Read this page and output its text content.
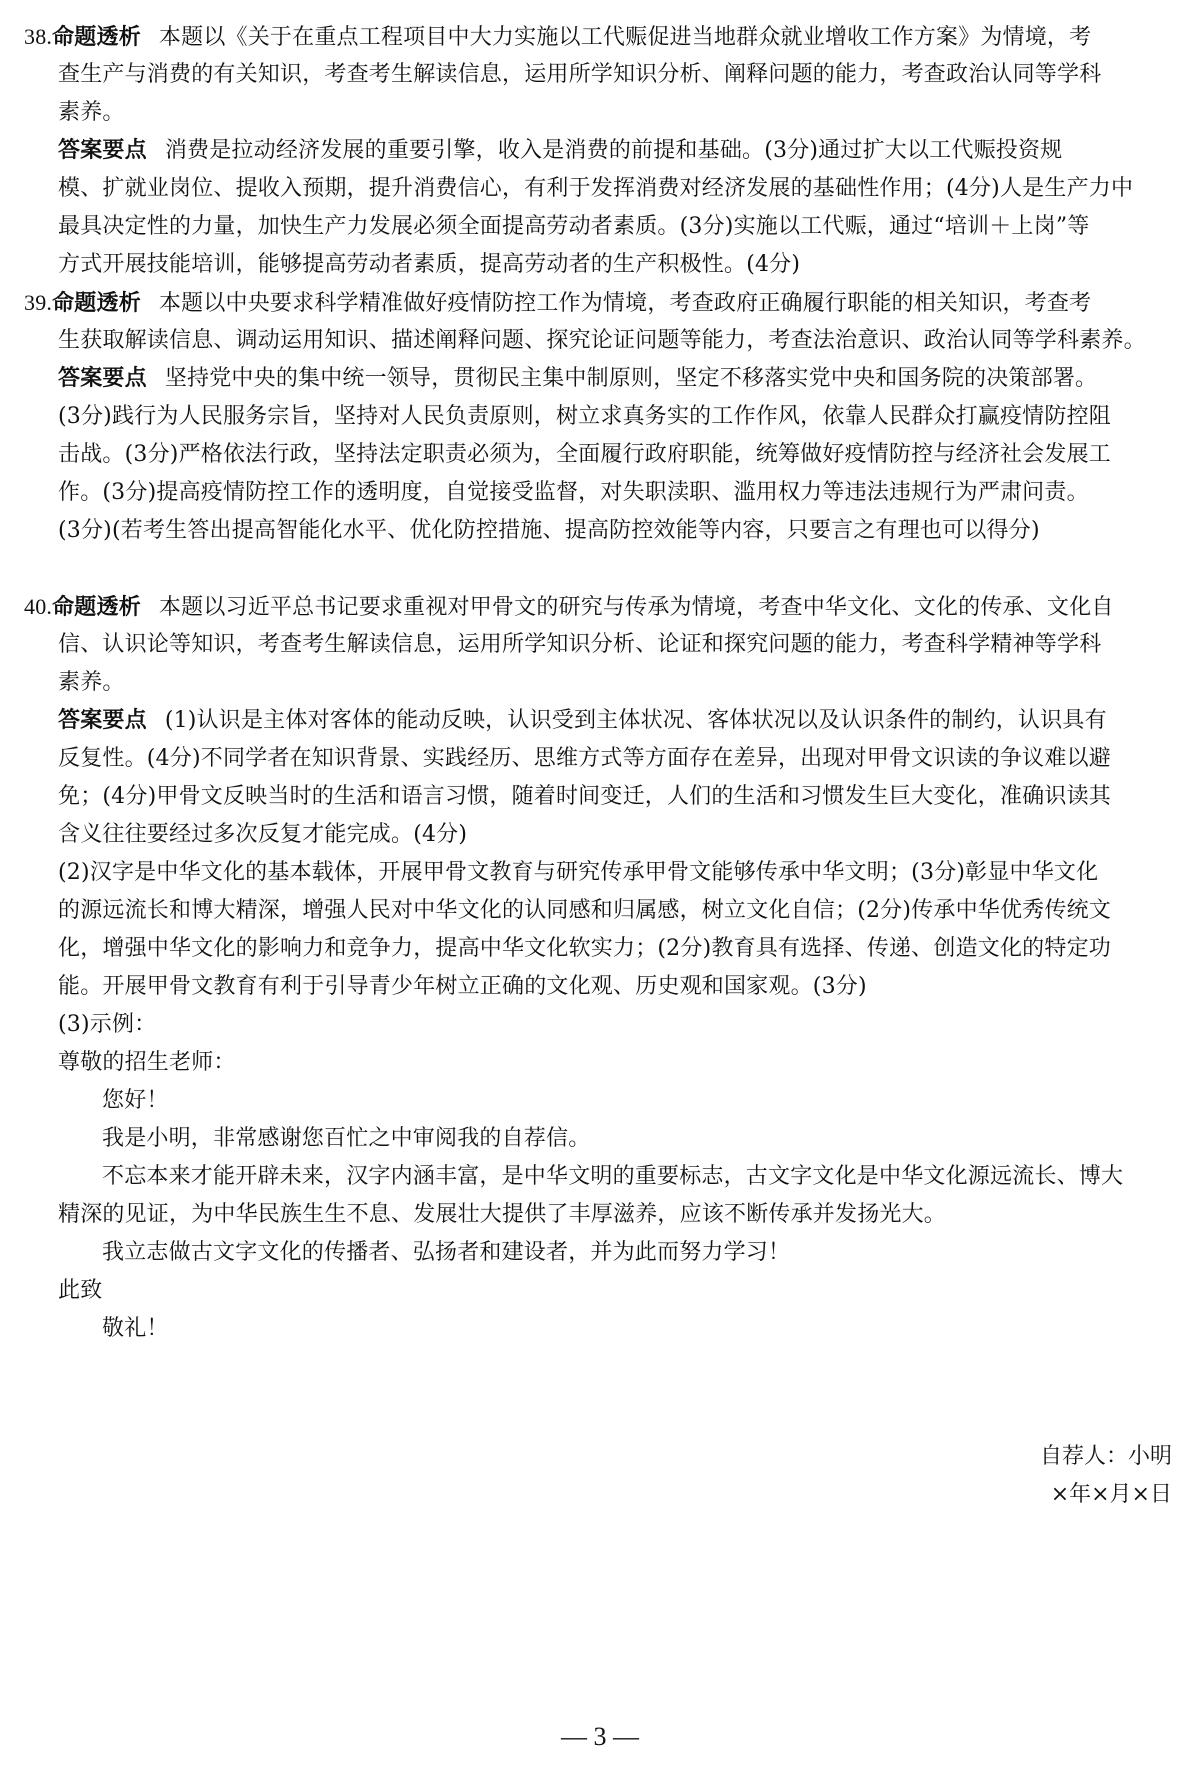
38.命题透析 本题以《关于在重点工程项目中大力实施以工代赈促进当地群众就业增收工作方案》为情境，考
查生产与消费的有关知识，考查考生解读信息，运用所学知识分析、阐释问题的能力，考查政治认同等学科
素养。
答案要点 消费是拉动经济发展的重要引擎，收入是消费的前提和基础。(3分)通过扩大以工代赈投资规
模、扩就业岗位、提收入预期，提升消费信心，有利于发挥消费对经济发展的基础性作用；(4分)人是生产力中
最具决定性的力量，加快生产力发展必须全面提高劳动者素质。(3分)实施以工代赈，通过“培训＋上岗”等
方式开展技能培训，能够提高劳动者素质，提高劳动者的生产积极性。(4分)
39.命题透析 本题以中央要求科学精准做好疫情防控工作为情境，考查政府正确履行职能的相关知识，考查考
生获取解读信息、调动运用知识、描述阐释问题、探究论证问题等能力，考查法治意识、政治认同等学科素养。
答案要点 坚持党中央的集中统一领导，贯彻民主集中制原则，坚定不移落实党中央和国务院的决策部署。
(3分)践行为人民服务宗旨，坚持对人民负责原则，树立求真务实的工作作风，依靠人民群众打赢疫情防控阻
击战。(3分)严格依法行政，坚持法定职责必须为，全面履行政府职能，统筹做好疫情防控与经济社会发展工
作。(3分)提高疫情防控工作的透明度，自觉接受监督，对失职渎职、滥用权力等违法违规行为严肃问责。
(3分)(若考生答出提高智能化水平、优化防控措施、提高防控效能等内容，只要言之有理也可以得分)
40.命题透析 本题以习近平总书记要求重视对甲骨文的研究与传承为情境，考查中华文化、文化的传承、文化自
信、认识论等知识，考查考生解读信息，运用所学知识分析、论证和探究问题的能力，考查科学精神等学科
素养。
答案要点 (1)认识是主体对客体的能动反映，认识受到主体状况、客体状况以及认识条件的制约，认识具有
反复性。(4分)不同学者在知识背景、实践经历、思维方式等方面存在差异，出现对甲骨文识读的争议难以避
免；(4分)甲骨文反映当时的生活和语言习惯，随着时间变迁，人们的生活和习惯发生巨大变化，准确识读其
含义往往要经过多次反复才能完成。(4分)
(2)汉字是中华文化的基本载体，开展甲骨文教育与研究传承甲骨文能够传承中华文明；(3分)彰显中华文化
的源远流长和博大精深，增强人民对中华文化的认同感和归属感，树立文化自信；(2分)传承中华优秀传统文
化，增强中华文化的影响力和竞争力，提高中华文化软实力；(2分)教育具有选择、传递、创造文化的特定功
能。开展甲骨文教育有利于引导青少年树立正确的文化观、历史观和国家观。(3分)
(3)示例：
尊敬的招生老师：
您好！
我是小明，非常感谢您百忙之中审阅我的自荐信。
不忘本来才能开辟未来，汉字内涵丰富，是中华文明的重要标志，古文字文化是中华文化源远流长、博大
精深的见证，为中华民族生生不息、发展壮大提供了丰厚滋养，应该不断传承并发扬光大。
我立志做古文字文化的传播者、弘扬者和建设者，并为此而努力学习！
此致
敬礼！
自荐人：小明
×年×月×日
— 3 —
